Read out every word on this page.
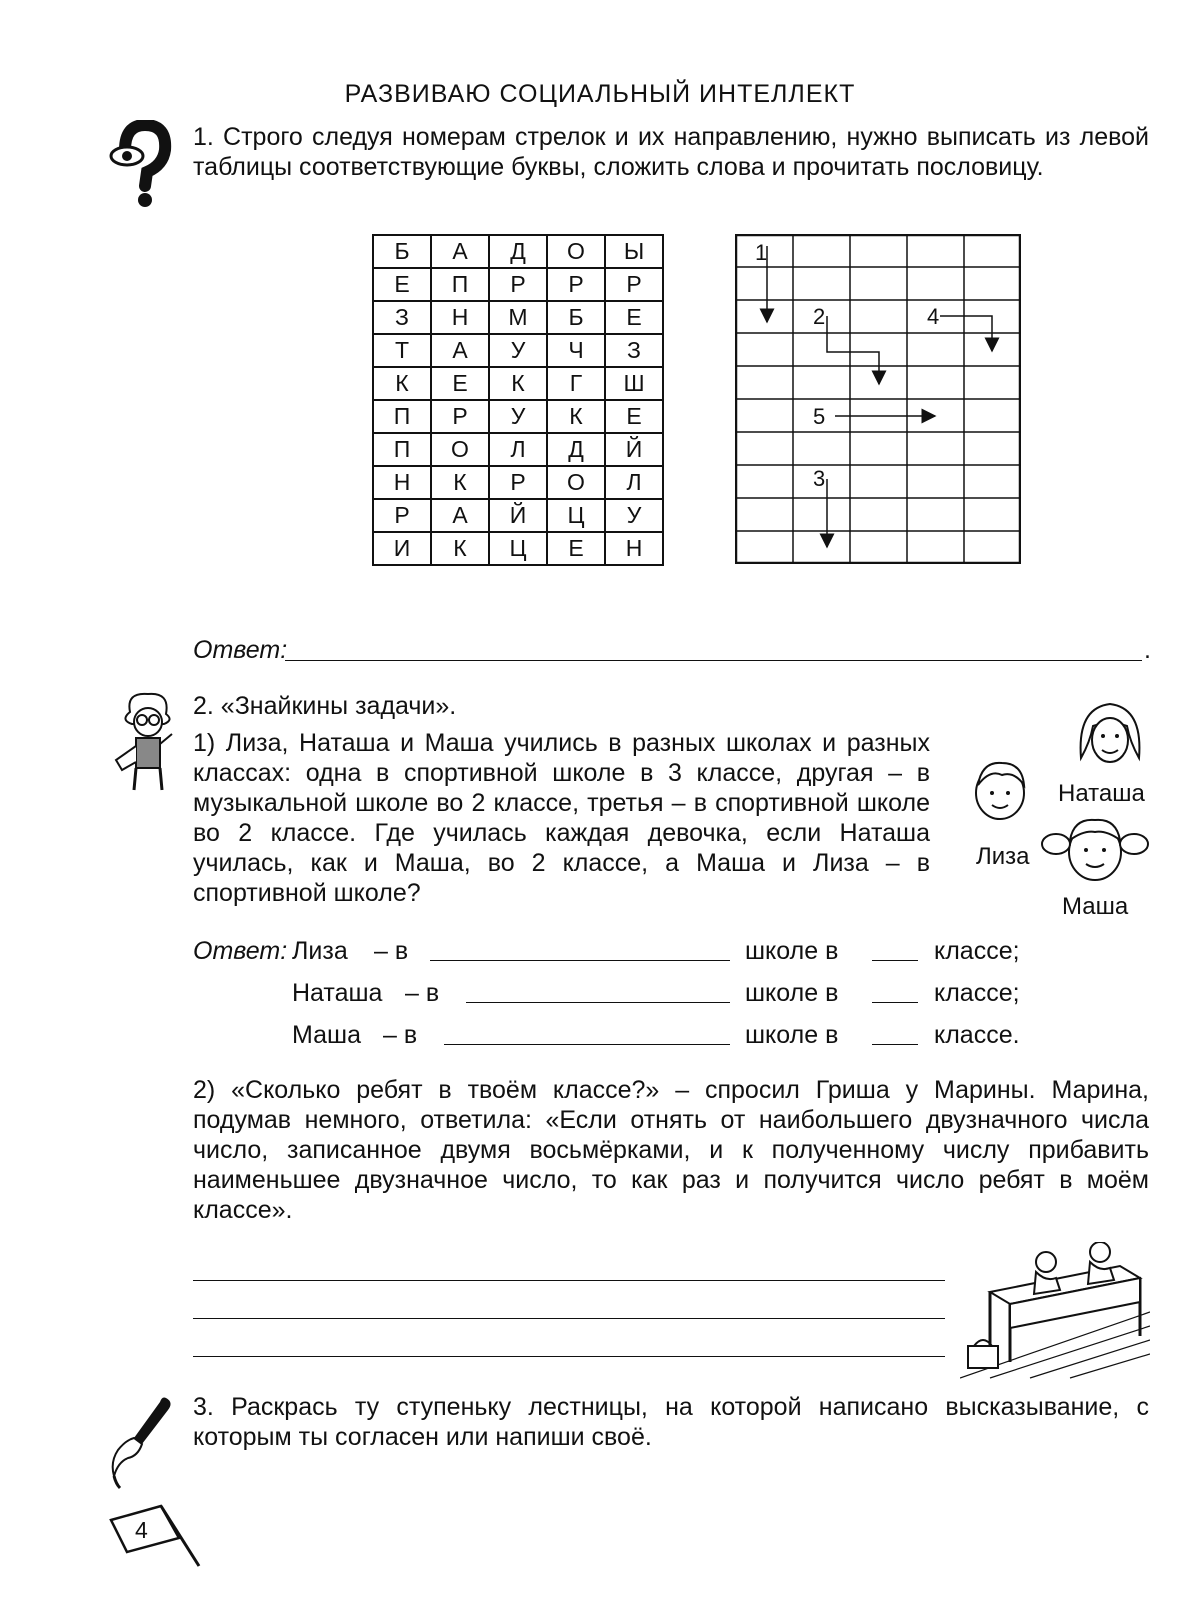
РАЗВИВАЮ СОЦИАЛЬНЫЙ ИНТЕЛЛЕКТ
1. Строго следуя номерам стрелок и их направлению, нужно выписать из левой таблицы соответствующие буквы, сложить слова и прочитать пословицу.
Б	А	Д	О	Ы
Е	П	Р	Р	Р
З	Н	М	Б	Е
Т	А	У	Ч	З
К	Е	К	Г	Ш
П	Р	У	К	Е
П	О	Л	Д	Й
Н	К	Р	О	Л
Р	А	Й	Ц	У
И	К	Ц	Е	Н
1
2
3
4
5
Ответ:	.
2. «Знайкины задачи».
1) Лиза, Наташа и Маша учились в разных школах и разных классах: одна в спортивной школе в 3 классе, другая – в музыкальной школе во 2 классе, третья – в спортивной школе во 2 классе. Где училась каждая девочка, если Наташа училась, как и Маша, во 2 классе, а Маша и Лиза – в спортивной школе?
Наташа
Лиза
Маша
Ответ: Лиза – в	школе в	классе;
Наташа – в	школе в	классе;
Маша – в	школе в	классе.
2) «Сколько ребят в твоём классе?» – спросил Гриша у Марины. Марина, подумав немного, ответила: «Если отнять от наибольшего двузначного числа число, записанное двумя восьмёрками, и к полученному числу прибавить наименьшее двузначное число, то как раз и получится число ребят в моём классе».
3. Раскрась ту ступеньку лестницы, на которой написано высказывание, с которым ты согласен или напиши своё.
4
